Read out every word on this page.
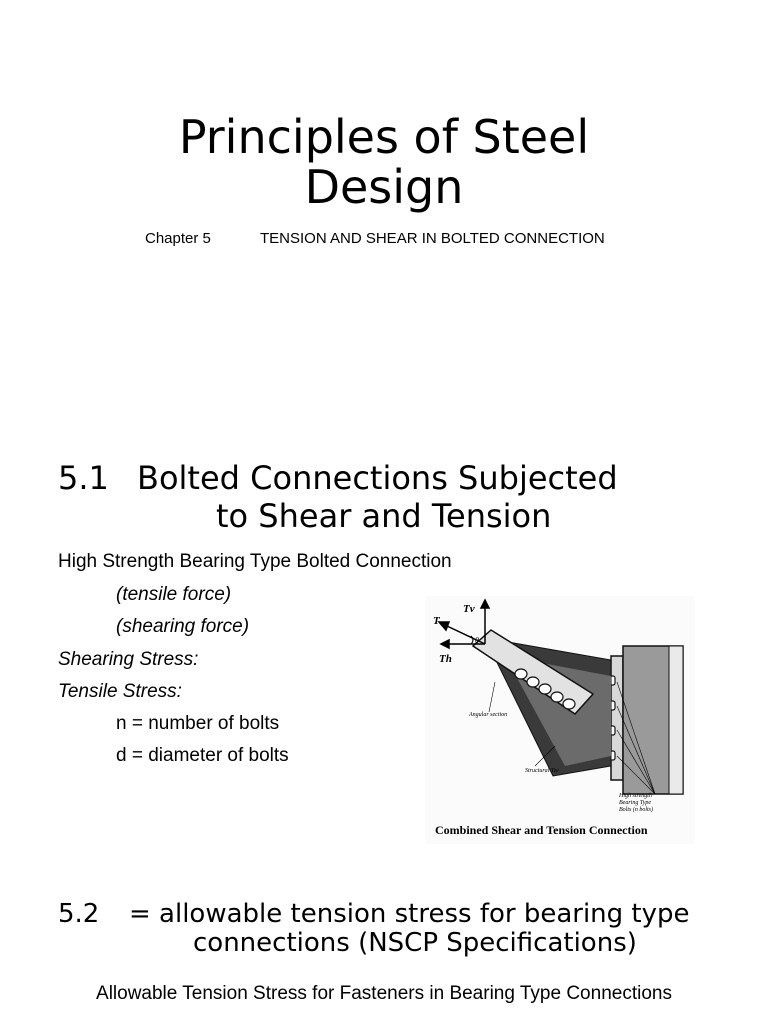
Principles of Steel
Design
Chapter 5	TENSION AND SHEAR IN BOLTED CONNECTION
5.1 Bolted Connections Subjected
to Shear and Tension
High Strength Bearing Type Bolted Connection
(tensile force)
(shearing force)
Shearing Stress:
Tensile Stress:
n = number of bolts
d = diameter of bolts
Tv
T
Th
θ
Angular section
Structural Tee
High strength
Bearing Type
Bolts (n bolts)
Combined Shear and Tension Connection
5.2 = allowable tension stress for bearing type
connections (NSCP Specifications)
Allowable Tension Stress for Fasteners in Bearing Type Connections
